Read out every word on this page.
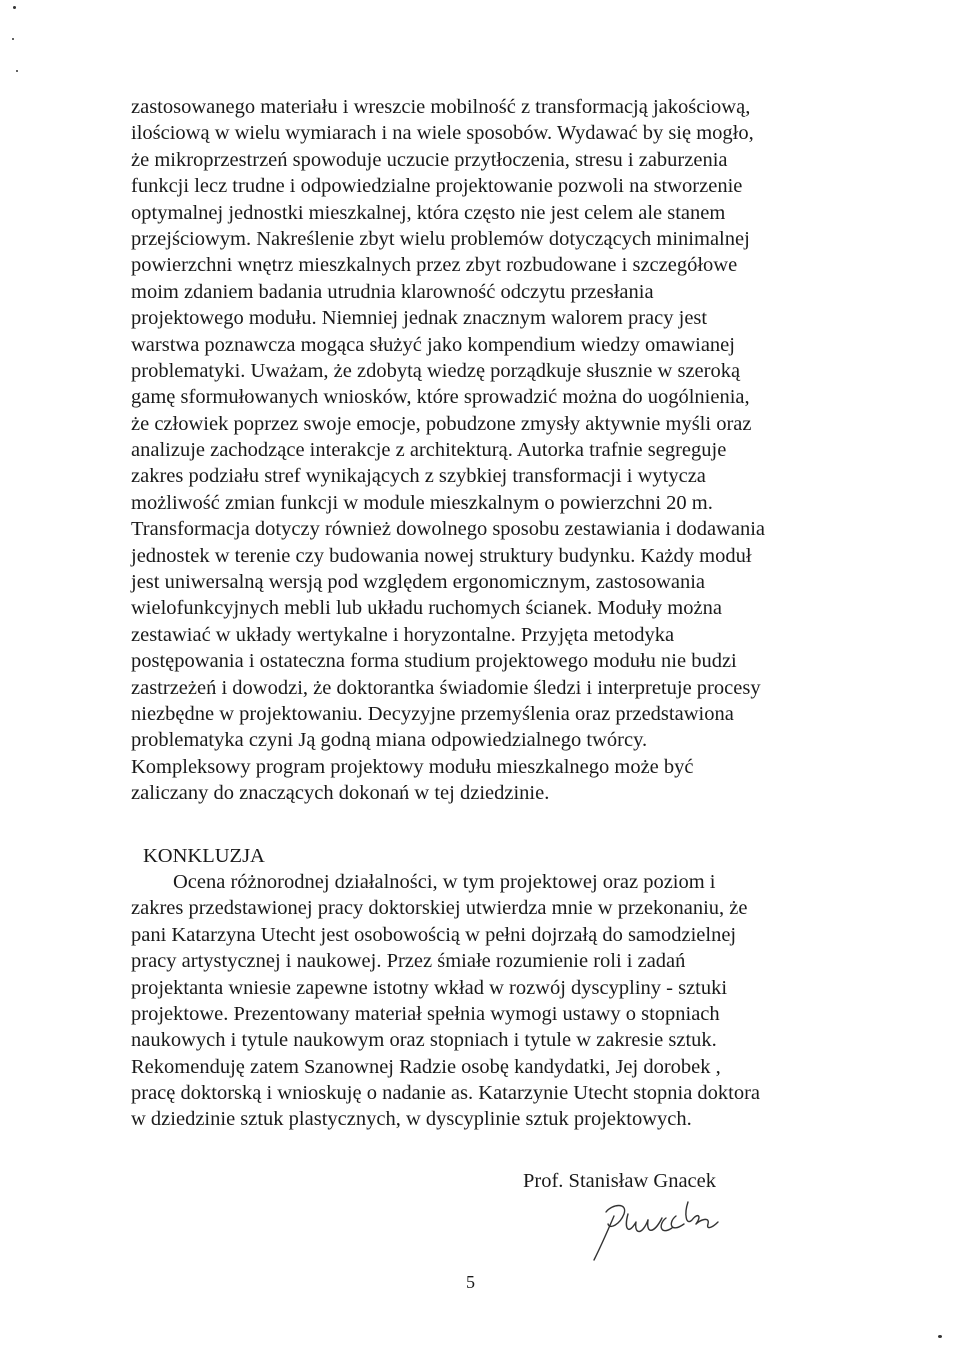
zastosowanego materiału i wreszcie mobilność z transformacją jakościową,
ilościową w wielu wymiarach i na wiele sposobów. Wydawać by się mogło,
że mikroprzestrzeń spowoduje uczucie przytłoczenia, stresu i zaburzenia
funkcji lecz trudne i odpowiedzialne projektowanie pozwoli na stworzenie
optymalnej jednostki mieszkalnej, która często nie jest celem ale stanem
przejściowym. Nakreślenie zbyt wielu problemów dotyczących minimalnej
powierzchni wnętrz mieszkalnych przez zbyt rozbudowane i szczegółowe
moim zdaniem badania utrudnia klarowność odczytu przesłania
projektowego modułu. Niemniej jednak znacznym walorem pracy jest
warstwa poznawcza mogąca służyć jako kompendium wiedzy omawianej
problematyki. Uważam, że zdobytą wiedzę porządkuje słusznie w szeroką
gamę sformułowanych wniosków, które sprowadzić można do uogólnienia,
że człowiek poprzez swoje emocje, pobudzone zmysły aktywnie myśli oraz
analizuje zachodzące interakcje z architekturą. Autorka trafnie segreguje
zakres podziału stref wynikających z szybkiej transformacji i wytycza
możliwość zmian funkcji w module mieszkalnym o powierzchni 20 m.
Transformacja dotyczy również dowolnego sposobu zestawiania i dodawania
jednostek w terenie czy budowania nowej struktury budynku. Każdy moduł
jest uniwersalną wersją pod względem ergonomicznym, zastosowania
wielofunkcyjnych mebli lub układu ruchomych ścianek. Moduły można
zestawiać w układy wertykalne i horyzontalne. Przyjęta metodyka
postępowania i ostateczna forma studium projektowego modułu nie budzi
zastrzeżeń i dowodzi, że doktorantka świadomie śledzi i interpretuje procesy
niezbędne w projektowaniu. Decyzyjne przemyślenia oraz przedstawiona
problematyka czyni Ją godną miana odpowiedzialnego twórcy.
Kompleksowy program projektowy modułu mieszkalnego może być
zaliczany do znaczących dokonań w tej dziedzinie.
KONKLUZJA
Ocena różnorodnej działalności, w tym projektowej oraz poziom i
zakres przedstawionej pracy doktorskiej utwierdza mnie w przekonaniu, że
pani Katarzyna Utecht jest osobowością w pełni dojrzałą do samodzielnej
pracy artystycznej i naukowej. Przez śmiałe rozumienie roli i zadań
projektanta wniesie zapewne istotny wkład w rozwój dyscypliny - sztuki
projektowe. Prezentowany materiał spełnia wymogi ustawy o stopniach
naukowych i tytule naukowym oraz stopniach i tytule w zakresie sztuk.
Rekomenduję zatem Szanownej Radzie osobę kandydatki, Jej dorobek ,
pracę doktorską i wnioskuję o nadanie as. Katarzynie Utecht stopnia doktora
w dziedzinie sztuk plastycznych, w dyscyplinie sztuk projektowych.
Prof. Stanisław Gnacek
5
